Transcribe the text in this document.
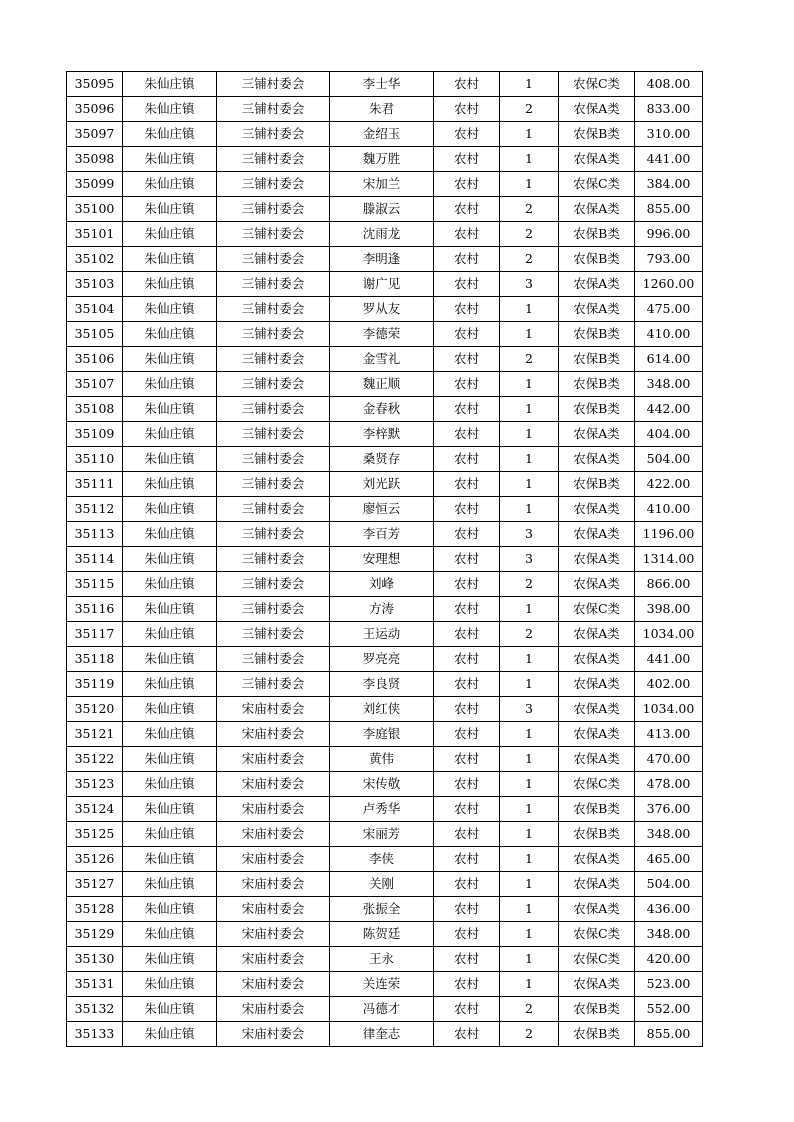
35095	朱仙庄镇	三铺村委会	李士华	农村	1	农保C类	408.00
35096	朱仙庄镇	三铺村委会	朱君	农村	2	农保A类	833.00
35097	朱仙庄镇	三铺村委会	金绍玉	农村	1	农保B类	310.00
35098	朱仙庄镇	三铺村委会	魏万胜	农村	1	农保A类	441.00
35099	朱仙庄镇	三铺村委会	宋加兰	农村	1	农保C类	384.00
35100	朱仙庄镇	三铺村委会	滕淑云	农村	2	农保A类	855.00
35101	朱仙庄镇	三铺村委会	沈雨龙	农村	2	农保B类	996.00
35102	朱仙庄镇	三铺村委会	李明逢	农村	2	农保B类	793.00
35103	朱仙庄镇	三铺村委会	谢广见	农村	3	农保A类	1260.00
35104	朱仙庄镇	三铺村委会	罗从友	农村	1	农保A类	475.00
35105	朱仙庄镇	三铺村委会	李德荣	农村	1	农保B类	410.00
35106	朱仙庄镇	三铺村委会	金雪礼	农村	2	农保B类	614.00
35107	朱仙庄镇	三铺村委会	魏正顺	农村	1	农保B类	348.00
35108	朱仙庄镇	三铺村委会	金春秋	农村	1	农保B类	442.00
35109	朱仙庄镇	三铺村委会	李梓默	农村	1	农保A类	404.00
35110	朱仙庄镇	三铺村委会	桑贤存	农村	1	农保A类	504.00
35111	朱仙庄镇	三铺村委会	刘光跃	农村	1	农保B类	422.00
35112	朱仙庄镇	三铺村委会	廖恒云	农村	1	农保A类	410.00
35113	朱仙庄镇	三铺村委会	李百芳	农村	3	农保A类	1196.00
35114	朱仙庄镇	三铺村委会	安理想	农村	3	农保A类	1314.00
35115	朱仙庄镇	三铺村委会	刘峰	农村	2	农保A类	866.00
35116	朱仙庄镇	三铺村委会	方涛	农村	1	农保C类	398.00
35117	朱仙庄镇	三铺村委会	王运动	农村	2	农保A类	1034.00
35118	朱仙庄镇	三铺村委会	罗亮亮	农村	1	农保A类	441.00
35119	朱仙庄镇	三铺村委会	李良贤	农村	1	农保A类	402.00
35120	朱仙庄镇	宋庙村委会	刘红侠	农村	3	农保A类	1034.00
35121	朱仙庄镇	宋庙村委会	李庭银	农村	1	农保A类	413.00
35122	朱仙庄镇	宋庙村委会	黄伟	农村	1	农保A类	470.00
35123	朱仙庄镇	宋庙村委会	宋传敬	农村	1	农保C类	478.00
35124	朱仙庄镇	宋庙村委会	卢秀华	农村	1	农保B类	376.00
35125	朱仙庄镇	宋庙村委会	宋丽芳	农村	1	农保B类	348.00
35126	朱仙庄镇	宋庙村委会	李侠	农村	1	农保A类	465.00
35127	朱仙庄镇	宋庙村委会	关刚	农村	1	农保A类	504.00
35128	朱仙庄镇	宋庙村委会	张振全	农村	1	农保A类	436.00
35129	朱仙庄镇	宋庙村委会	陈贺廷	农村	1	农保C类	348.00
35130	朱仙庄镇	宋庙村委会	王永	农村	1	农保C类	420.00
35131	朱仙庄镇	宋庙村委会	关连荣	农村	1	农保A类	523.00
35132	朱仙庄镇	宋庙村委会	冯德才	农村	2	农保B类	552.00
35133	朱仙庄镇	宋庙村委会	律奎志	农村	2	农保B类	855.00
